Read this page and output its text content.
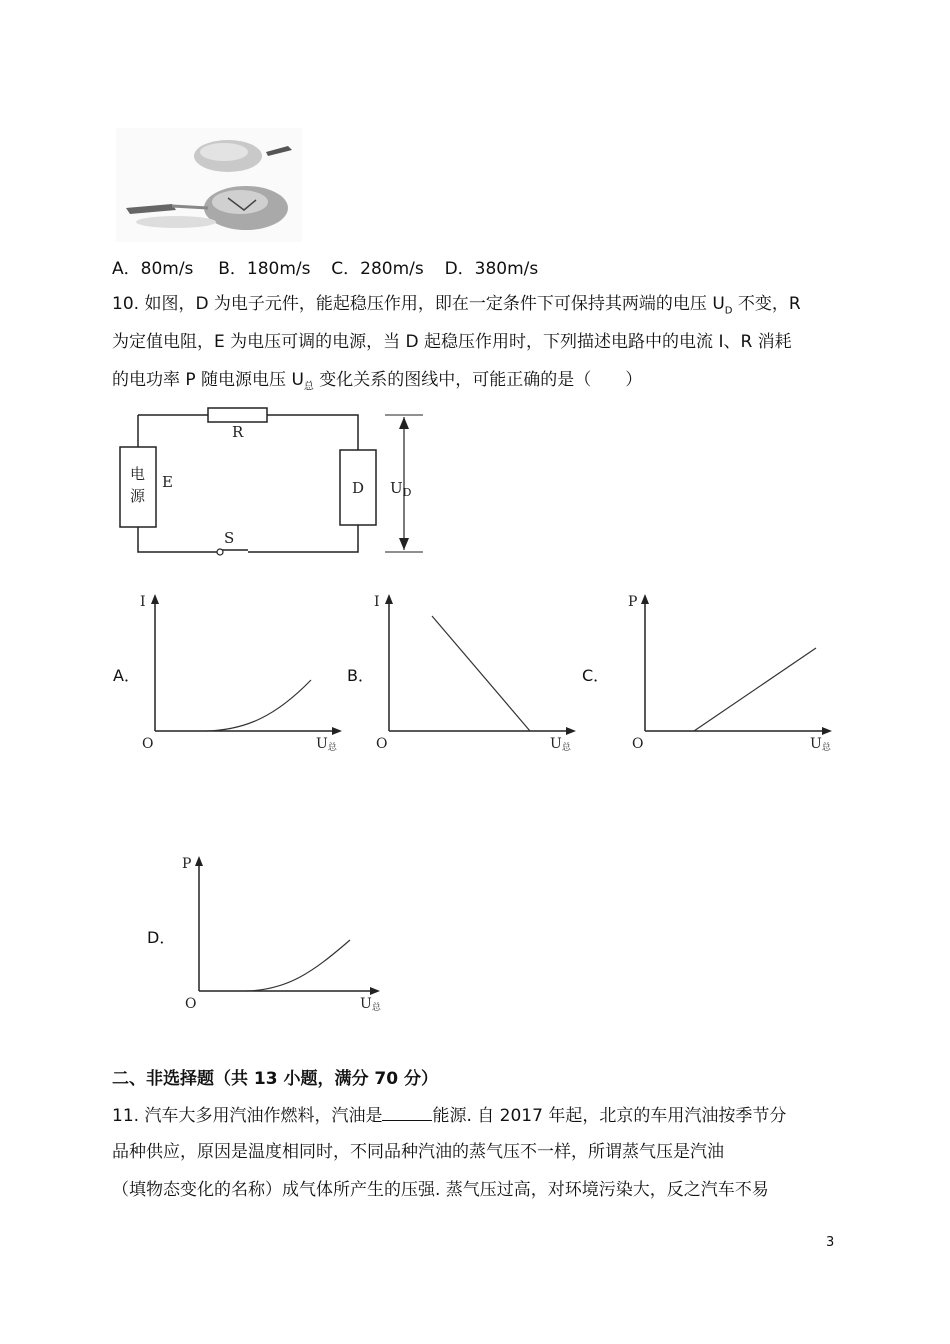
A．80m/s B．180m/s C．280m/s D．380m/s
10. 如图，D 为电子元件，能起稳压作用，即在一定条件下可保持其两端的电压 $U_D$ 不变，R
为定值电阻，E 为电压可调的电源，当 D 起稳压作用时，下列描述电路中的电流 I、R 消耗
的电功率 P 随电源电压 $U_总$ 变化关系的图线中，可能正确的是（　　）
R
电
源
E	D
S
$U_D$
A．	B．	C．
D．
I
O	U总
I
O	U总
P
O	U总
P
O	U总
二、非选择题（共 13 小题，满分 70 分）
11. 汽车大多用汽油作燃料，汽油是	能源. 自 2017 年起，北京的车用汽油按季节分
品种供应，原因是温度相同时，不同品种汽油的蒸气压不一样，所谓蒸气压是汽油
（填物态变化的名称）成气体所产生的压强. 蒸气压过高，对环境污染大，反之汽车不易
3
